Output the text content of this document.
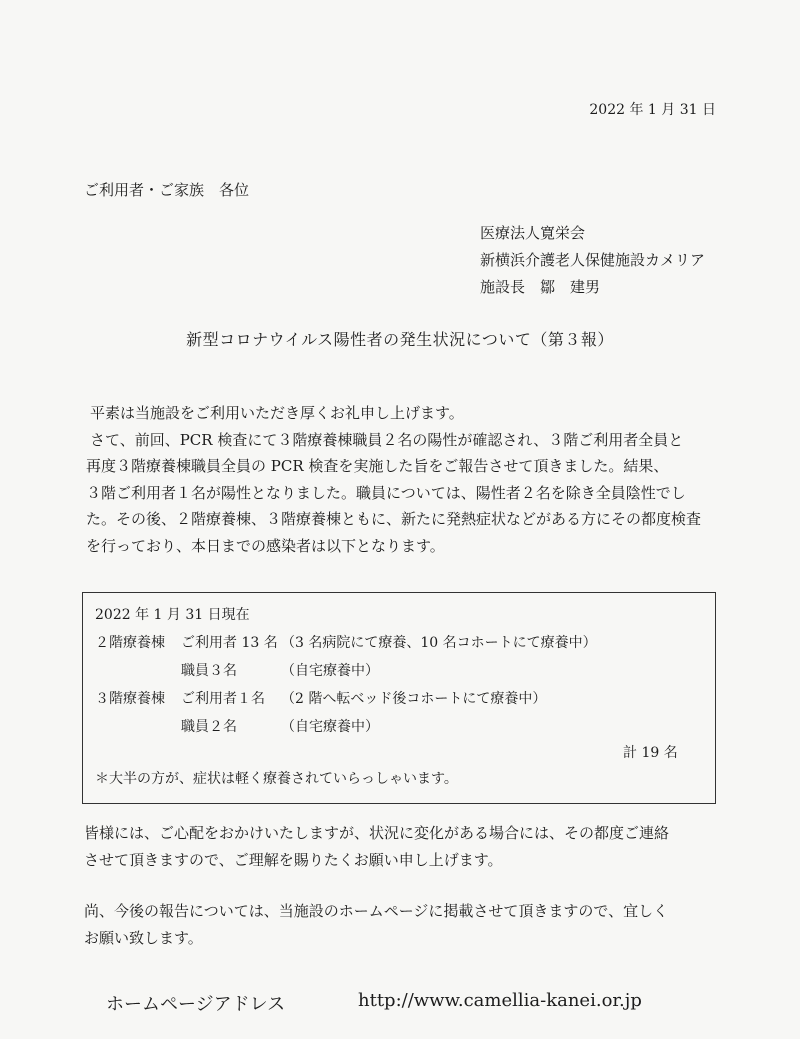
2022 年 1 月 31 日
ご利用者・ご家族　各位
医療法人寛栄会
新横浜介護老人保健施設カメリア
施設長　鄒　建男
新型コロナウイルス陽性者の発生状況について（第３報）

平素は当施設をご利用いただき厚くお礼申し上げます。

さて、前回、PCR 検査にて３階療養棟職員２名の陽性が確認され、３階ご利用者全員と

再度３階療養棟職員全員の PCR 検査を実施した旨をご報告させて頂きました。結果、

３階ご利用者１名が陽性となりました。職員については、陽性者２名を除き全員陰性でし

た。その後、２階療養棟、３階療養棟ともに、新たに発熱症状などがある方にその都度検査

を行っており、本日までの感染者は以下となります。

2022 年 1 月 31 日現在
２階療養棟 ご利用者 13 名 （3 名病院にて療養、10 名コホートにて療養中）
職員３名	（自宅療養中）
３階療養棟 ご利用者１名 （2 階へ転ベッド後コホートにて療養中）
職員２名	（自宅療養中）
計 19 名
＊大半の方が、症状は軽く療養されていらっしゃいます。

皆様には、ご心配をおかけいたしますが、状況に変化がある場合には、その都度ご連絡

させて頂きますので、ご理解を賜りたくお願い申し上げます。

尚、今後の報告については、当施設のホームページに掲載させて頂きますので、宜しく

お願い致します。

ホームページアドレス	http://www.camellia-kanei.or.jp
